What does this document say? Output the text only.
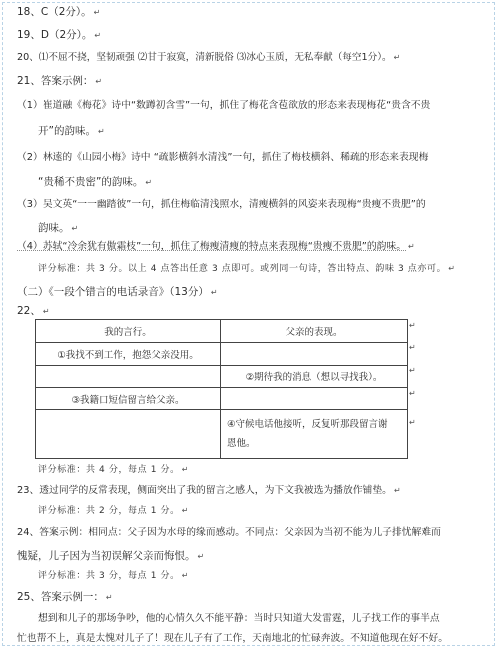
18、C（2分）。 ↵
19、D（2分）。 ↵
20、⑴不屈不挠，坚韧顽强 ⑵甘于寂寞，清新脱俗 ⑶冰心玉质，无私奉献（每空1分）。 ↵
21、答案示例： ↵
（1）崔道融《梅花》诗中“数蹲初含雪”一句，抓住了梅花含苞欲放的形态来表现梅花“贵含不贵
开”的韵味。 ↵
（2）林逺的《山园小梅》诗中 “疏影横斜水清浅”一句，抓住了梅枝横斜、稀疏的形态来表现梅
“贵稀不贵密”的韵味。 ↵
（3）吴文英“一一幽踏彼”一句，抓住梅临清浅照水，清瘦横斜的风姿来表现梅“贵瘦不贵肥”的
韵味。 ↵
（4）苏轼“冷余犹有傲霜枝”一句，抓住了梅瘦清瘦的特点来表现梅“贵瘦不贵肥”的韵味。 ↵
评分标准：共 3 分。以上 4 点答出任意 3 点即可。或列同一句诗，答出特点、韵味 3 点亦可。 ↵
（二）《一段个错言的电话录音》（13分） ↵
22、 ↵
我的言行。	父亲的表现。
①我找不到工作，抱怨父亲没用。	
	②期待我的消息（想以寻找我）。
③我籍口短信留言给父亲。	
	④守候电话他接听，反复听那段留言谢
恩他。
↵
↵
↵
↵
↵
评分标准：共 4 分，每点 1 分。 ↵
23、透过同学的反常表现，侧面突出了我的留言之感人，为下文我被选为播放作铺垫。 ↵
评分标准：共 2 分，每点 1 分。 ↵
24、答案示例：相同点：父子因为水母的缘而感动。不同点：父亲因为当初不能为儿子排忧解难而
愧疑，儿子因为当初误解父亲而悔恨。 ↵
评分标准：共 3 分，每点 1 分。 ↵
25、答案示例一： ↵
想到和儿子的那场争吵，他的心情久久不能平静：当时只知道大发雷霆，儿子找工作的事半点
忙也帮不上，真是太愧对儿子了！现在儿子有了工作，天南地北的忙碌奔波。不知道他现在好不好。
